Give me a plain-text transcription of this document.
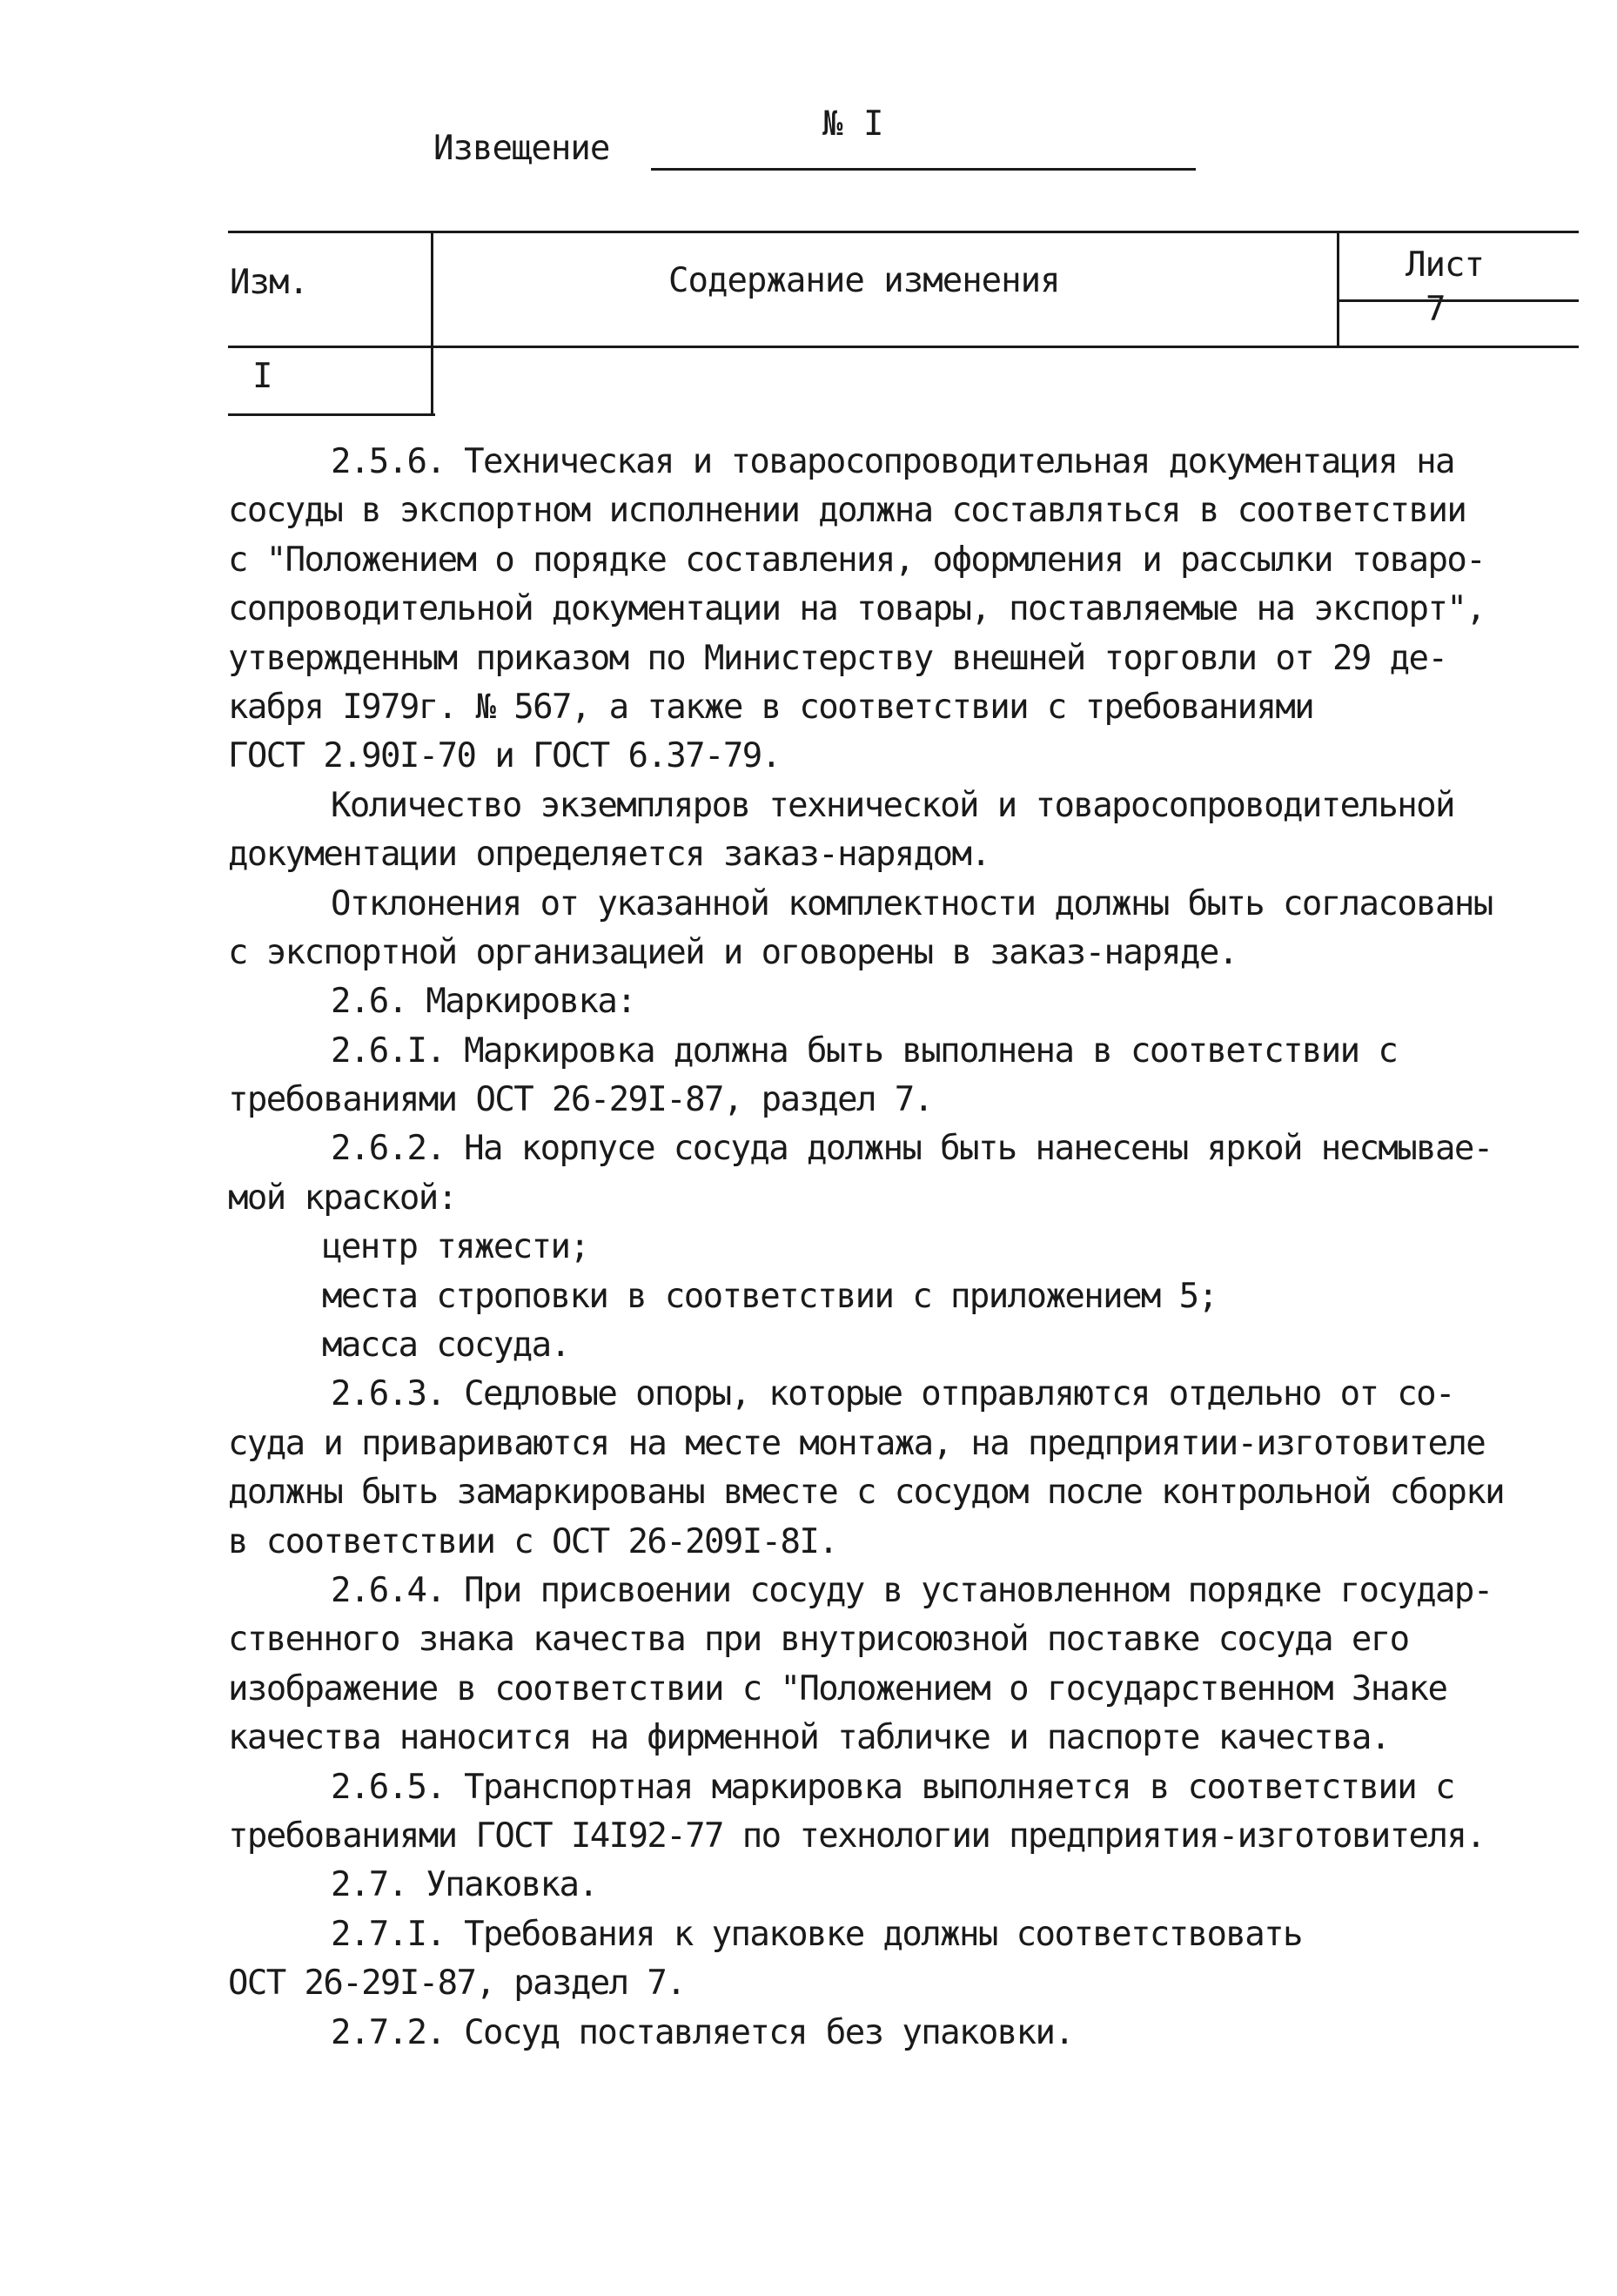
Извещение
№ I
Изм.	Содержание изменения	Лист
7
I
2.5.6. Техническая и товаросопроводительная документация на
сосуды в экспортном исполнении должна составляться в соответствии
с "Положением о порядке составления, оформления и рассылки товаро-
сопроводительной документации на товары, поставляемые на экспорт",
утвержденным приказом по Министерству внешней торговли от 29 де-
кабря I979г. № 567, а также в соответствии с требованиями
ГОСТ 2.90I-70 и ГОСТ 6.37-79.
Количество экземпляров технической и товаросопроводительной
документации определяется заказ-нарядом.
Отклонения от указанной комплектности должны быть согласованы
с экспортной организацией и оговорены в заказ-наряде.
2.6. Маркировка:
2.6.I. Маркировка должна быть выполнена в соответствии с
требованиями ОСТ 26-29I-87, раздел 7.
2.6.2. На корпусе сосуда должны быть нанесены яркой несмывае-
мой краской:
центр тяжести;
места строповки в соответствии с приложением 5;
масса сосуда.
2.6.3. Седловые опоры, которые отправляются отдельно от со-
суда и привариваются на месте монтажа, на предприятии-изготовителе
должны быть замаркированы вместе с сосудом после контрольной сборки
в соответствии с ОСТ 26-209I-8I.
2.6.4. При присвоении сосуду в установленном порядке государ-
ственного знака качества при внутрисоюзной поставке сосуда его
изображение в соответствии с "Положением о государственном Знаке
качества наносится на фирменной табличке и паспорте качества.
2.6.5. Транспортная маркировка выполняется в соответствии с
требованиями ГОСТ I4I92-77 по технологии предприятия-изготовителя.
2.7. Упаковка.
2.7.I. Требования к упаковке должны соответствовать
ОСТ 26-29I-87, раздел 7.
2.7.2. Сосуд поставляется без упаковки.
